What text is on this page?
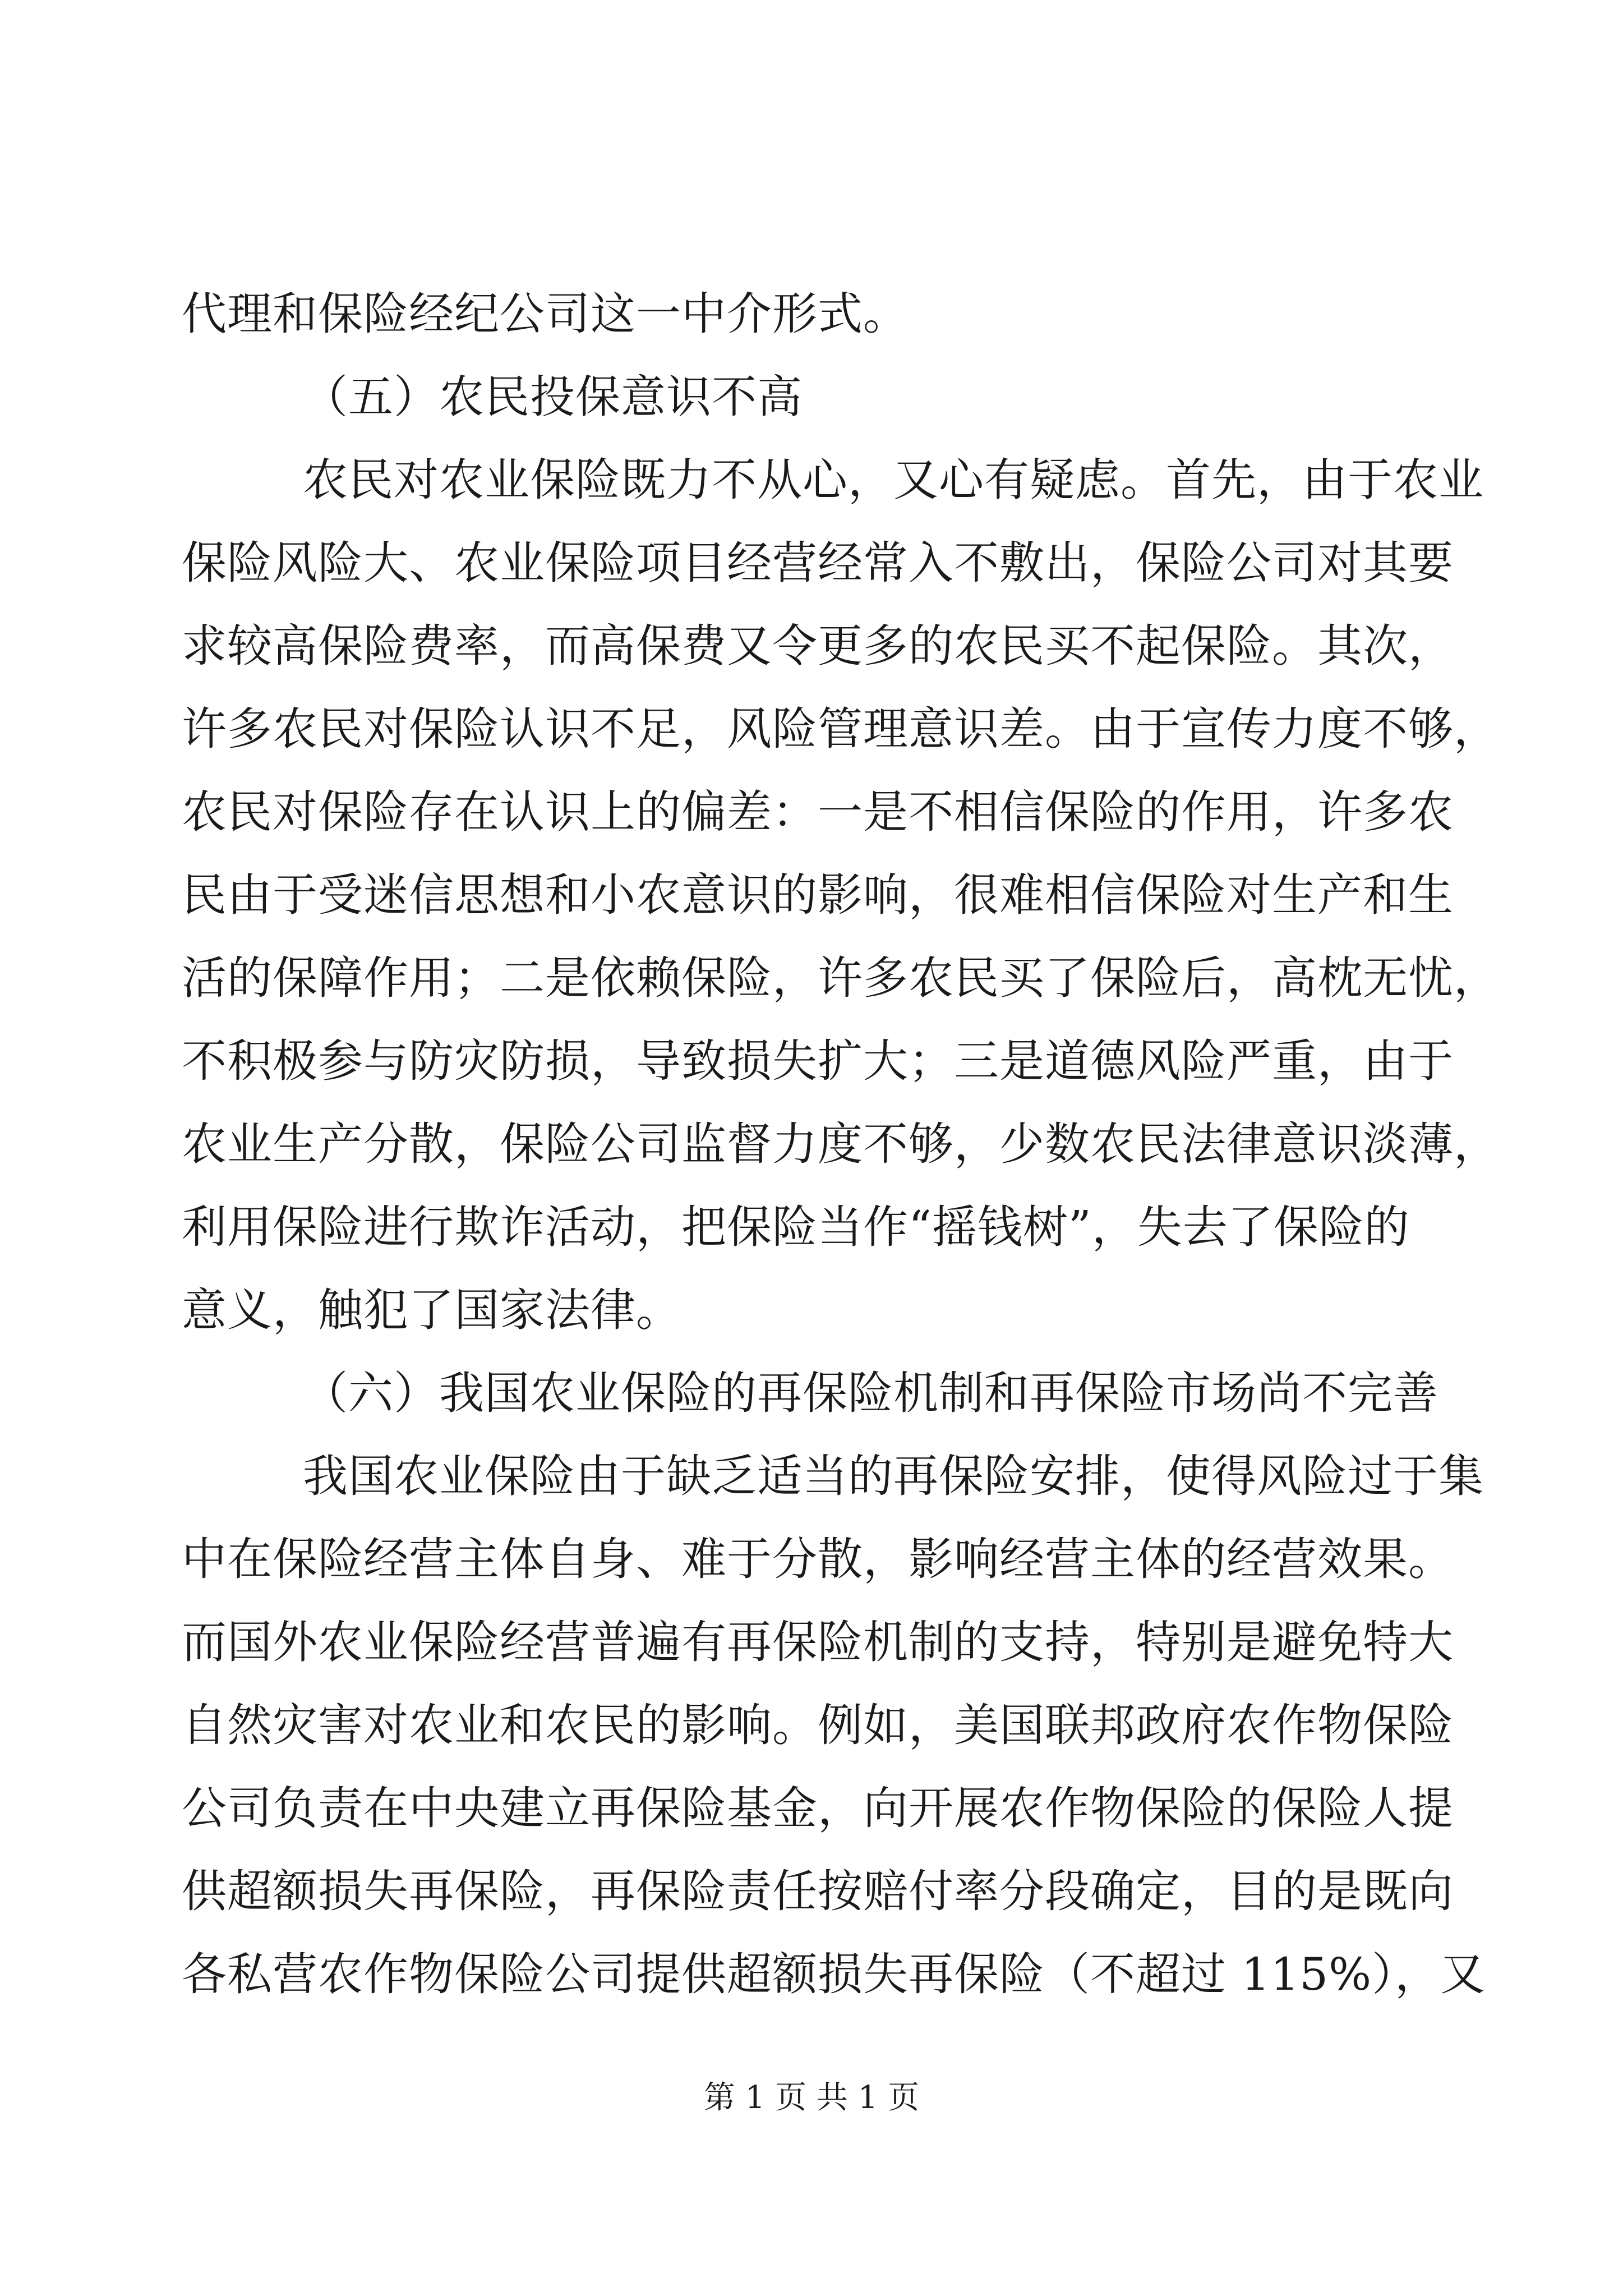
代理和保险经纪公司这一中介形式。
（五）农民投保意识不高
农民对农业保险既力不从心，又心有疑虑。首先，由于农业
保险风险大、农业保险项目经营经常入不敷出，保险公司对其要
求较高保险费率，而高保费又令更多的农民买不起保险。其次，
许多农民对保险认识不足，风险管理意识差。由于宣传力度不够，
农民对保险存在认识上的偏差：一是不相信保险的作用，许多农
民由于受迷信思想和小农意识的影响，很难相信保险对生产和生
活的保障作用；二是依赖保险，许多农民买了保险后，高枕无忧，
不积极参与防灾防损，导致损失扩大；三是道德风险严重，由于
农业生产分散，保险公司监督力度不够，少数农民法律意识淡薄，
利用保险进行欺诈活动，把保险当作“摇钱树”，失去了保险的
意义，触犯了国家法律。
（六）我国农业保险的再保险机制和再保险市场尚不完善
我国农业保险由于缺乏适当的再保险安排，使得风险过于集
中在保险经营主体自身、难于分散，影响经营主体的经营效果。
而国外农业保险经营普遍有再保险机制的支持，特别是避免特大
自然灾害对农业和农民的影响。例如，美国联邦政府农作物保险
公司负责在中央建立再保险基金，向开展农作物保险的保险人提
供超额损失再保险，再保险责任按赔付率分段确定，目的是既向
各私营农作物保险公司提供超额损失再保险（不超过 115%），又
第 1 页 共 1 页
